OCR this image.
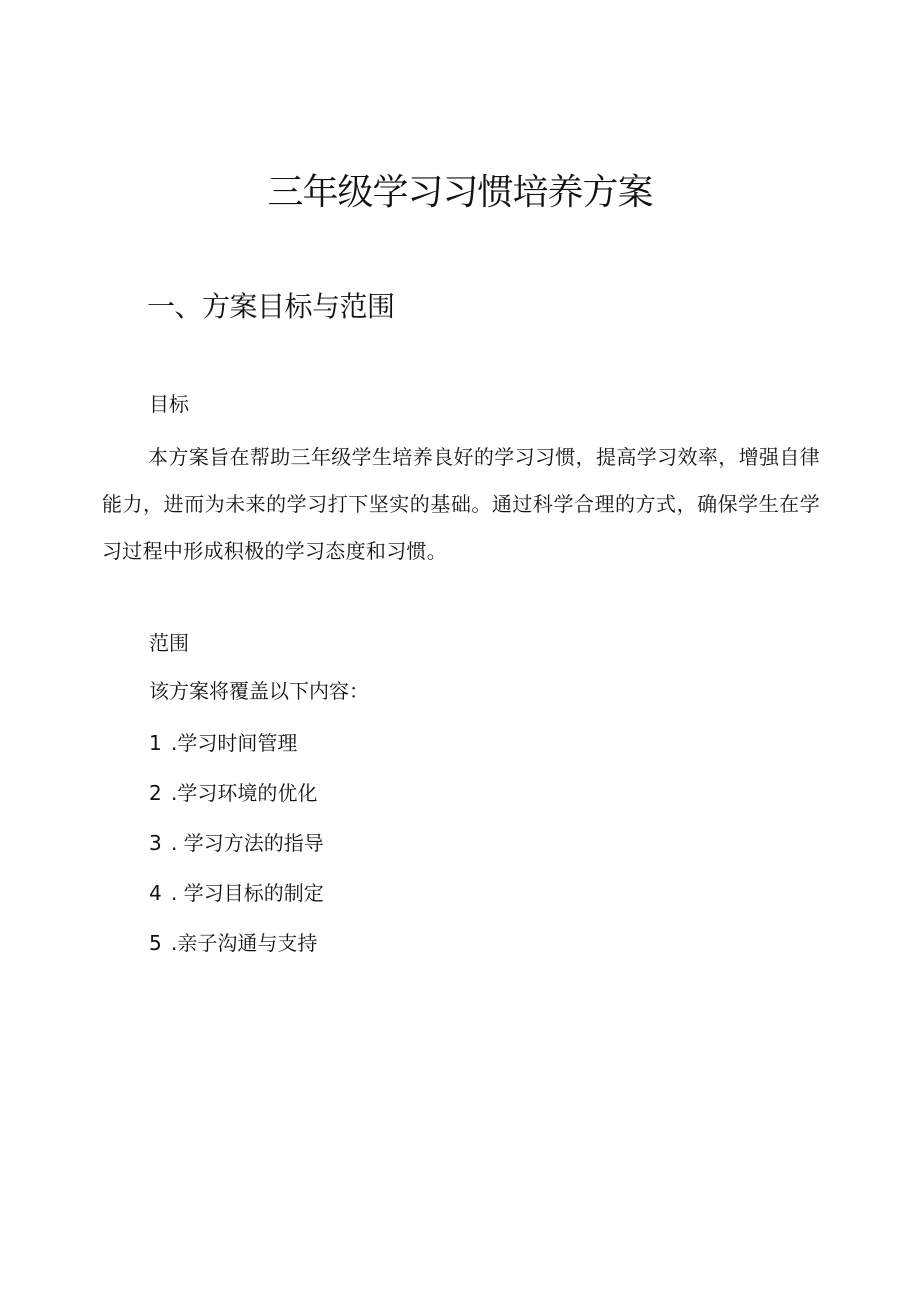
三年级学习习惯培养方案
一、方案目标与范围

目标

本方案旨在帮助三年级学生培养良好的学习习惯，提高学习效率，增强自律能力，进而为未来的学习打下坚实的基础。通过科学合理的方式，确保学生在学习过程中形成积极的学习态度和习惯。

范围

该方案将覆盖以下内容：

1 .学习时间管理
2 .学习环境的优化
3 . 学习方法的指导
4 . 学习目标的制定
5 .亲子沟通与支持
